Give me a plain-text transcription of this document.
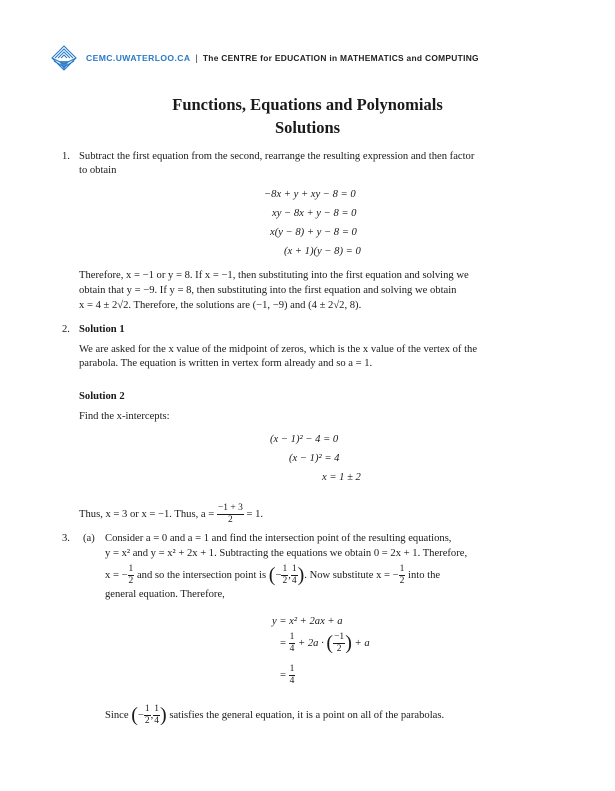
CEMC.UWATERLOO.CA | The CENTRE for EDUCATION in MATHEMATICS and COMPUTING
Functions, Equations and Polynomials
Solutions
1. Subtract the first equation from the second, rearrange the resulting expression and then factor
to obtain
−8x + y + xy − 8 = 0
xy − 8x + y − 8 = 0
x(y − 8) + y − 8 = 0
(x + 1)(y − 8) = 0
Therefore, x = −1 or y = 8. If x = −1, then substituting into the first equation and solving we
obtain that y = −9. If y = 8, then substituting into the first equation and solving we obtain
x = 4 ± 2√2. Therefore, the solutions are (−1, −9) and (4 ± 2√2, 8).
2. Solution 1
We are asked for the x value of the midpoint of zeros, which is the x value of the vertex of the
parabola. The equation is written in vertex form already and so a = 1.
Solution 2
Find the x-intercepts:
(x − 1)² − 4 = 0
(x − 1)² = 4
x = 1 ± 2
Thus, x = 3 or x = −1. Thus, $a = \frac{-1 + 3}{2} = 1$.
3. (a) Consider a = 0 and a = 1 and find the intersection point of the resulting equations,
y = x² and y = x² + 2x + 1. Subtracting the equations we obtain 0 = 2x + 1. Therefore,
x = − $\frac{1}{2}$ and so the intersection point is (− $\frac{1}{2}$ , $\frac{1}{4}$ ). Now substitute x = − $\frac{1}{2}$ into the
general equation. Therefore,
y = x² + 2ax + a
= $\frac{1}{4} + 2a$ · ( $\frac{-1}{2}$ ) + a
= $\frac{1}{4}$
Since (− $\frac{1}{2}$ , $\frac{1}{4}$ ) satisfies the general equation, it is a point on all of the parabolas.
